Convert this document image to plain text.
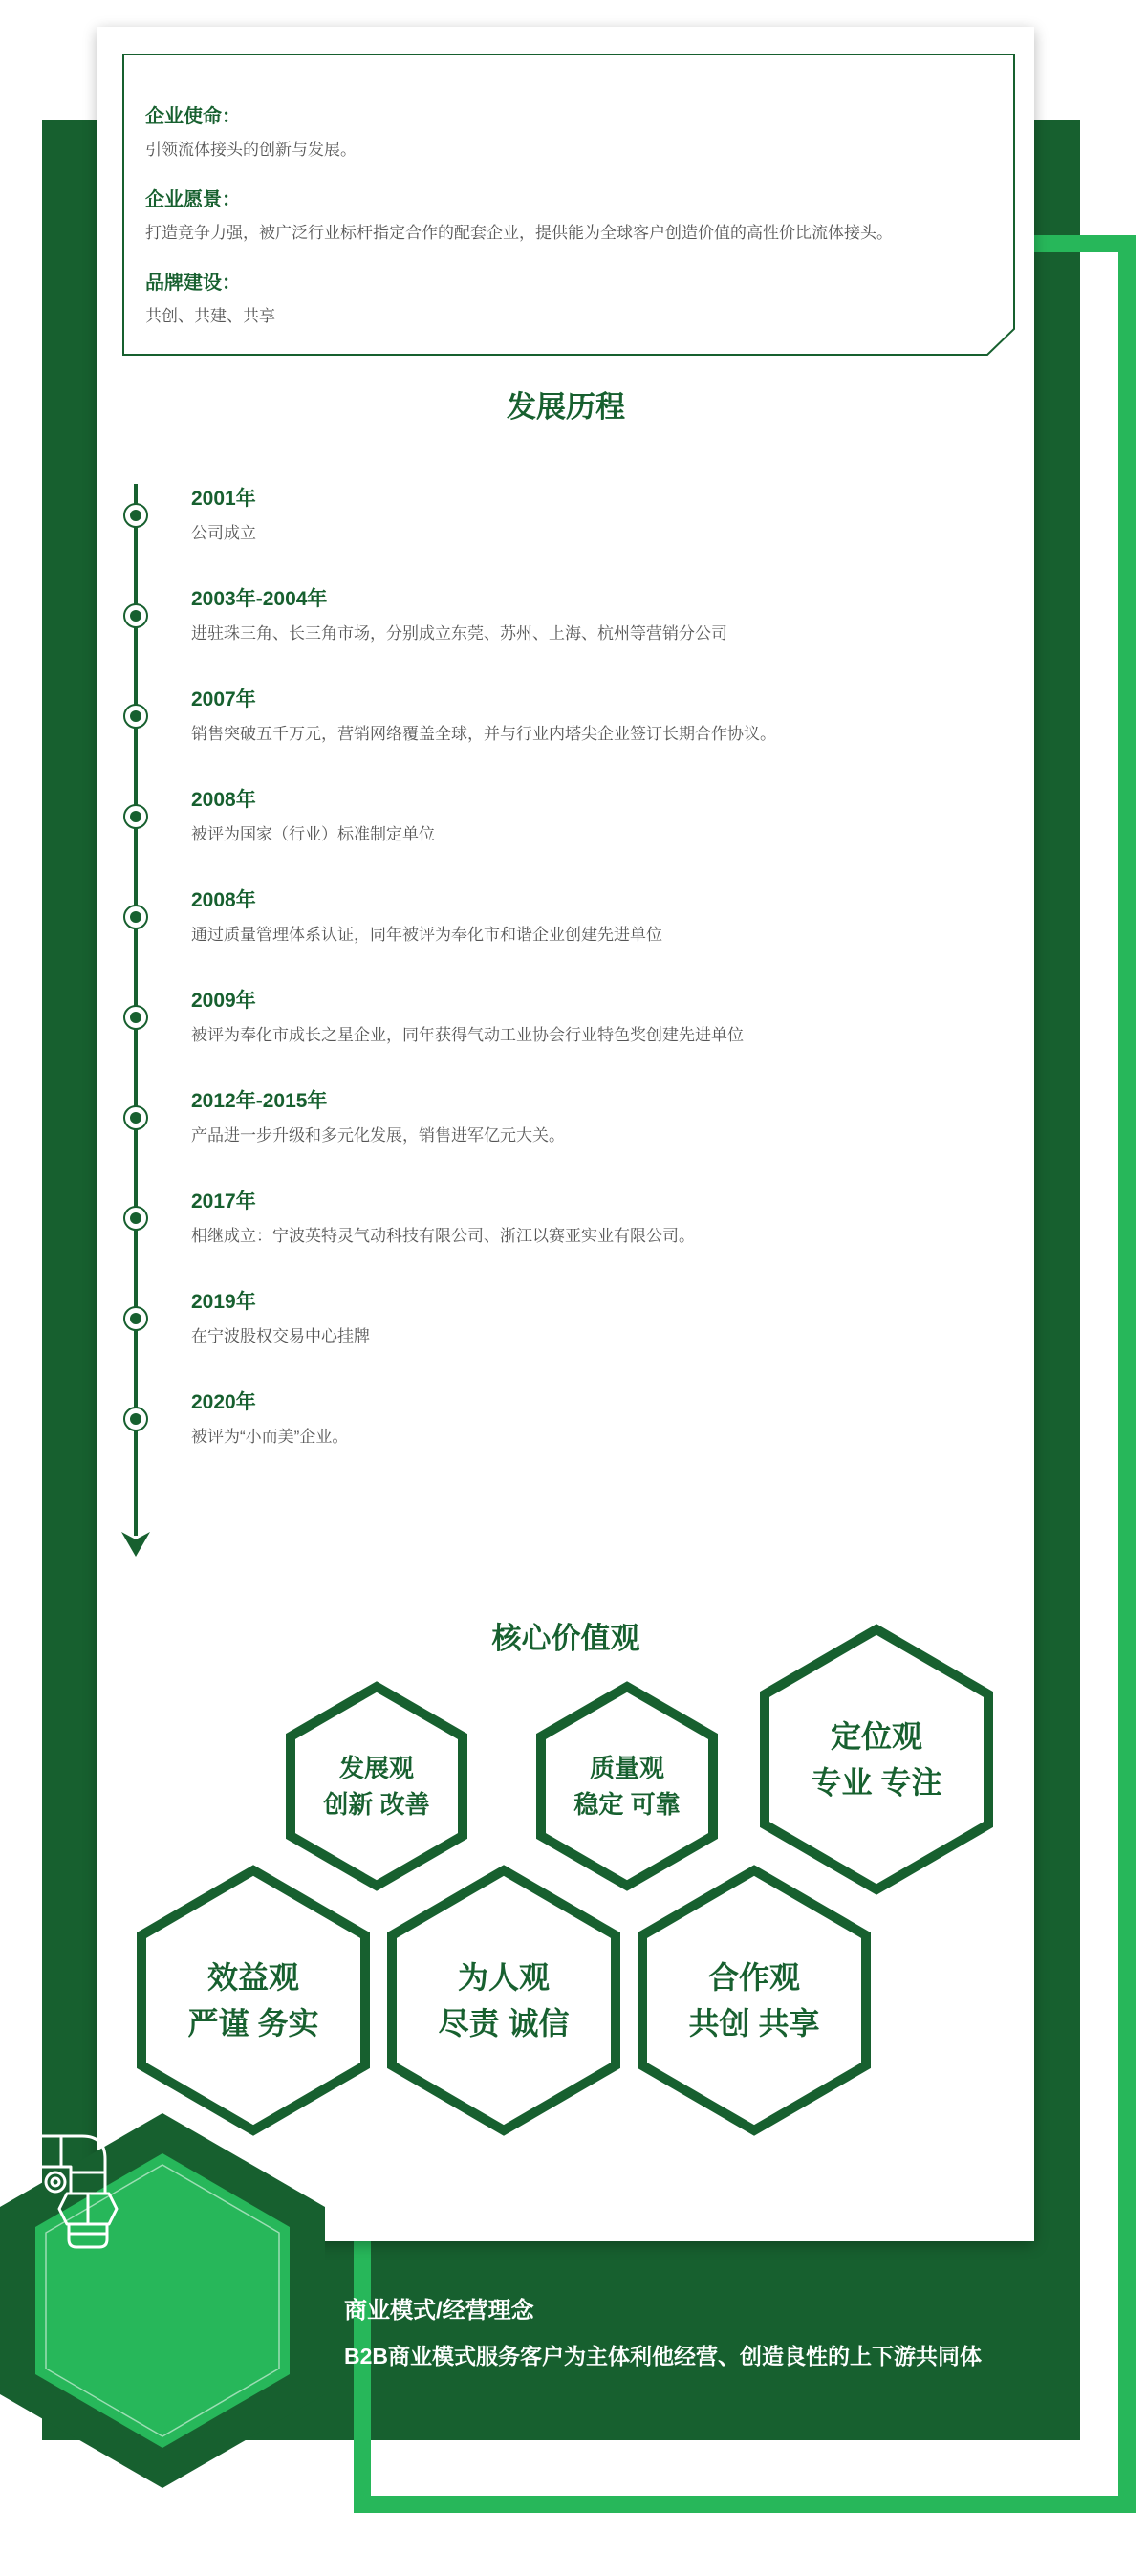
企业使命：
引领流体接头的创新与发展。
企业愿景：
打造竞争力强，被广泛行业标杆指定合作的配套企业，提供能为全球客户创造价值的高性价比流体接头。
品牌建设：
共创、共建、共享
发展历程
2001年
公司成立
2003年-2004年
进驻珠三角、长三角市场，分别成立东莞、苏州、上海、杭州等营销分公司
2007年
销售突破五千万元，营销网络覆盖全球，并与行业内塔尖企业签订长期合作协议。
2008年
被评为国家（行业）标准制定单位
2008年
通过质量管理体系认证，同年被评为奉化市和谐企业创建先进单位
2009年
被评为奉化市成长之星企业，同年获得气动工业协会行业特色奖创建先进单位
2012年-2015年
产品进一步升级和多元化发展，销售进军亿元大关。
2017年
相继成立：宁波英特灵气动科技有限公司、浙江以赛亚实业有限公司。
2019年
在宁波股权交易中心挂牌
2020年
被评为“小而美”企业。
核心价值观
发展观
创新 改善
质量观
稳定 可靠
定位观
专业 专注
效益观
严谨 务实
为人观
尽责 诚信
合作观
共创 共享
商业模式/经营理念
B2B商业模式服务客户为主体利他经营、创造良性的上下游共同体
